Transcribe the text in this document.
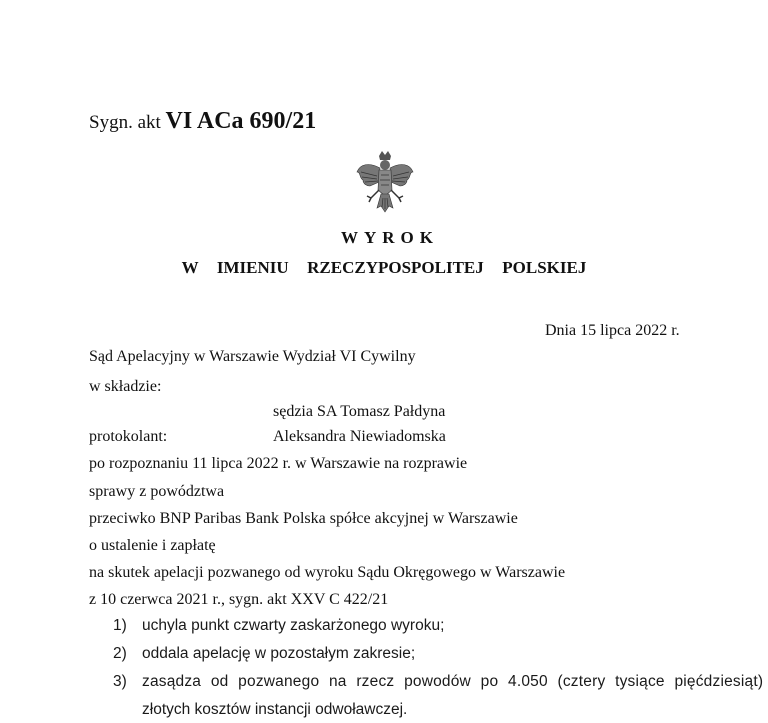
Sygn. akt VI ACa 690/21
WYROK
W  IMIENIU  RZECZYPOSPOLITEJ  POLSKIEJ
Dnia 15 lipca 2022 r.
Sąd Apelacyjny w Warszawie Wydział VI Cywilny
w składzie:
sędzia SA Tomasz Pałdyna
protokolant:	Aleksandra Niewiadomska
po rozpoznaniu 11 lipca 2022 r. w Warszawie na rozprawie
sprawy z powództwa
przeciwko BNP Paribas Bank Polska spółce akcyjnej w Warszawie
o ustalenie i zapłatę
na skutek apelacji pozwanego od wyroku Sądu Okręgowego w Warszawie
z 10 czerwca 2021 r., sygn. akt XXV C 422/21
1) uchyla punkt czwarty zaskarżonego wyroku;
2) oddala apelację w pozostałym zakresie;
3) zasądza od pozwanego na rzecz powodów po 4.050 (cztery tysiące pięćdziesiąt)
złotych kosztów instancji odwoławczej.
